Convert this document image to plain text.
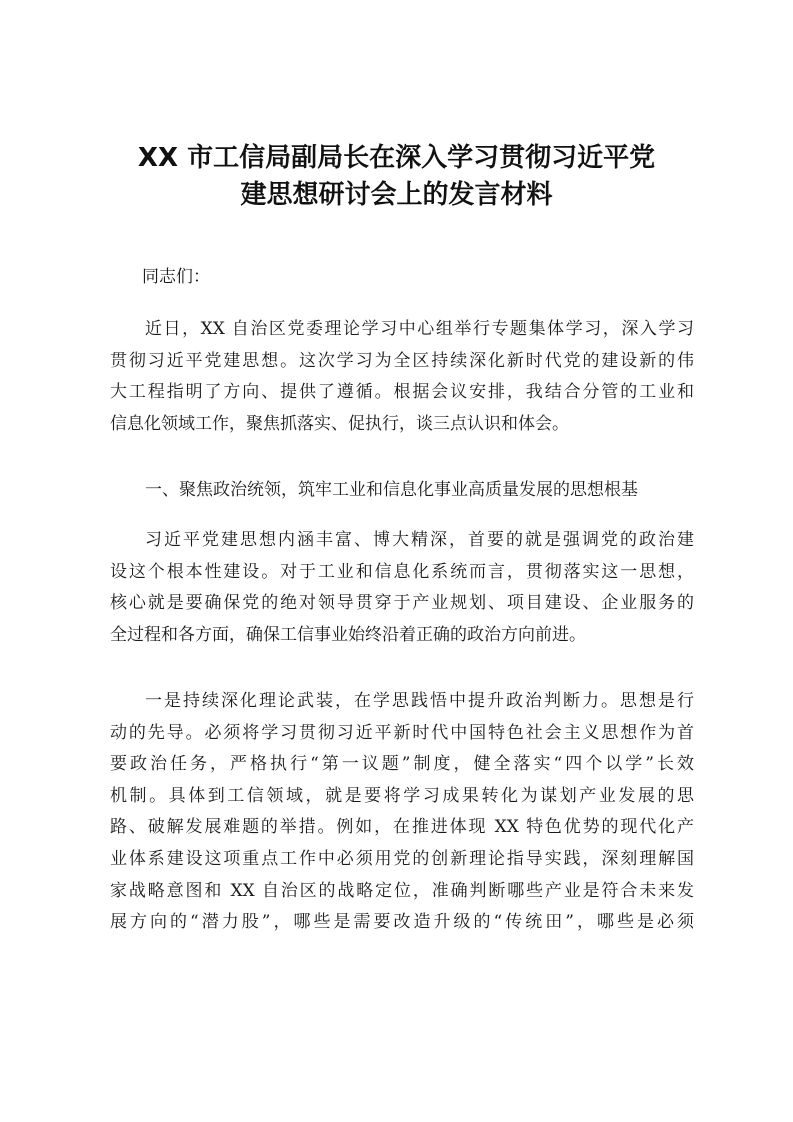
XX 市工信局副局长在深入学习贯彻习近平党
建思想研讨会上的发言材料
同志们：
近日，XX 自治区党委理论学习中心组举行专题集体学习，深入学习
贯彻习近平党建思想。这次学习为全区持续深化新时代党的建设新的伟
大工程指明了方向、提供了遵循。根据会议安排，我结合分管的工业和
信息化领域工作，聚焦抓落实、促执行，谈三点认识和体会。
一、聚焦政治统领，筑牢工业和信息化事业高质量发展的思想根基
习近平党建思想内涵丰富、博大精深，首要的就是强调党的政治建
设这个根本性建设。对于工业和信息化系统而言，贯彻落实这一思想，
核心就是要确保党的绝对领导贯穿于产业规划、项目建设、企业服务的
全过程和各方面，确保工信事业始终沿着正确的政治方向前进。
一是持续深化理论武装，在学思践悟中提升政治判断力。思想是行
动的先导。必须将学习贯彻习近平新时代中国特色社会主义思想作为首
要政治任务，严格执行“第一议题”制度，健全落实“四个以学”长效
机制。具体到工信领域，就是要将学习成果转化为谋划产业发展的思
路、破解发展难题的举措。例如，在推进体现 XX 特色优势的现代化产
业体系建设这项重点工作中必须用党的创新理论指导实践，深刻理解国
家战略意图和 XX 自治区的战略定位，准确判断哪些产业是符合未来发
展方向的“潜力股”，哪些是需要改造升级的“传统田”，哪些是必须
